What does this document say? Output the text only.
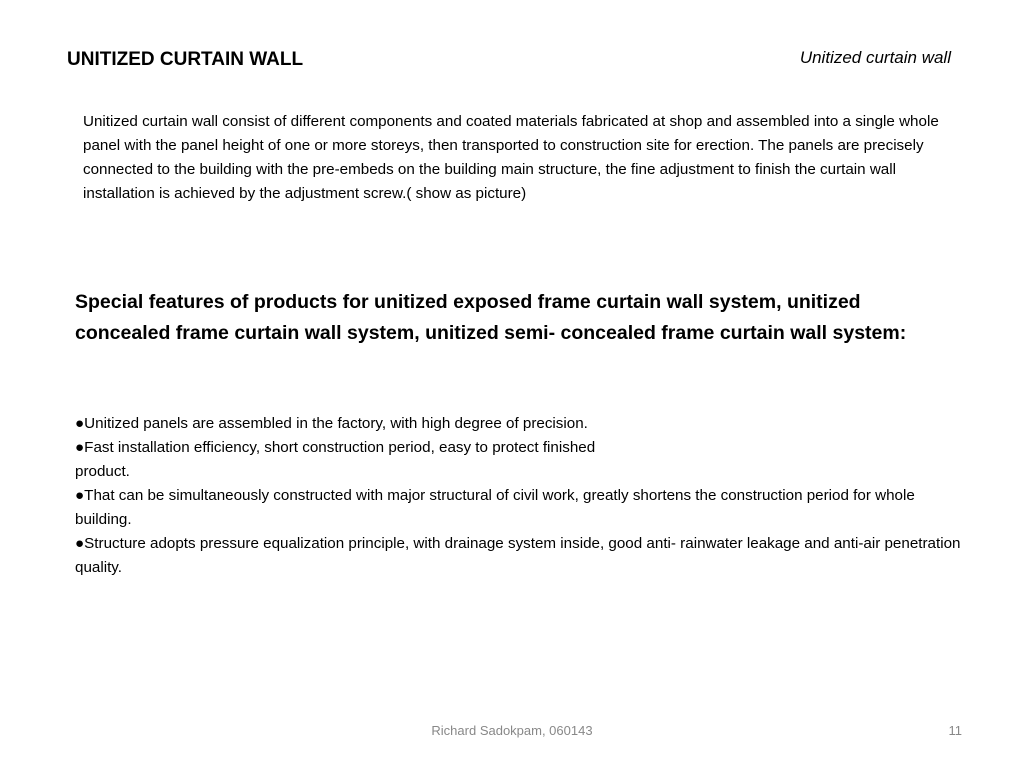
UNITIZED CURTAIN WALL	Unitized curtain wall
Unitized curtain wall consist of different components and coated materials fabricated at shop and assembled into a single whole panel with the panel height of one or more storeys, then transported to construction site for erection. The panels are precisely connected to the building with the pre-embeds on the building main structure, the fine adjustment to finish the curtain wall installation is achieved by the adjustment screw.( show as picture)
Special features of products for unitized exposed frame curtain wall system, unitized concealed frame curtain wall system, unitized semi- concealed frame curtain wall system:
●Unitized panels are assembled in the factory, with high degree of precision.
●Fast installation efficiency, short construction period, easy to protect finished
product.
●That can be simultaneously constructed with major structural of civil work, greatly shortens the construction period for whole building.
●Structure adopts pressure equalization principle, with drainage system inside, good anti- rainwater leakage and anti-air penetration quality.
Richard Sadokpam, 060143	11
